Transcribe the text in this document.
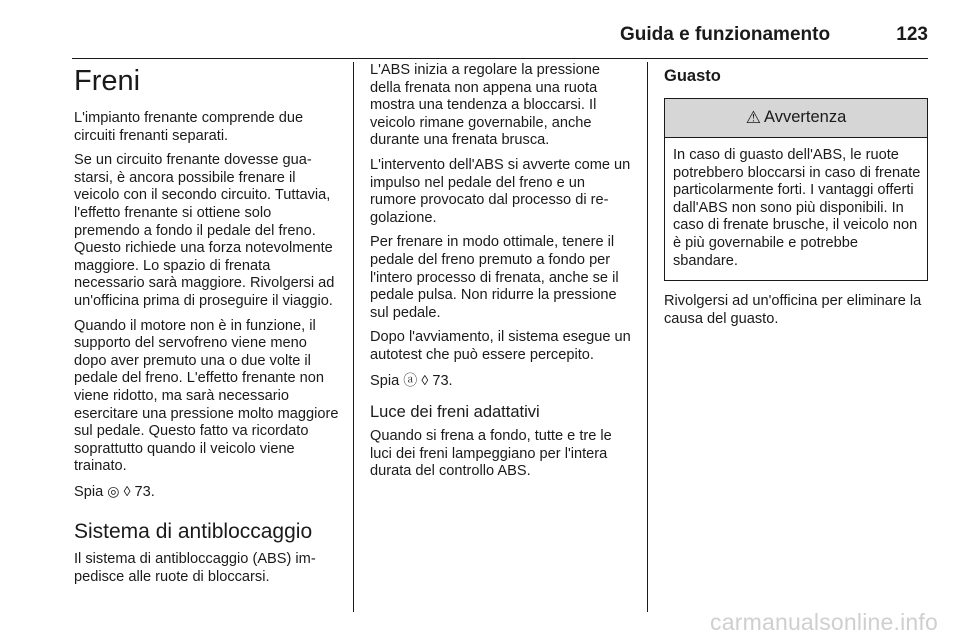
Guida e funzionamento	123
Freni

L'impianto frenante comprende due circuiti frenanti separati.

Se un circuito frenante dovesse guastarsi, è ancora possibile frenare il veicolo con il secondo circuito. Tuttavia, l'effetto frenante si ottiene solo premendo a fondo il pedale del freno. Questo richiede una forza notevolmente maggiore. Lo spazio di frenata necessario sarà maggiore. Rivolgersi ad un'officina prima di proseguire il viaggio.

Quando il motore non è in funzione, il supporto del servofreno viene meno dopo aver premuto una o due volte il pedale del freno. L'effetto frenante non viene ridotto, ma sarà necessario esercitare una pressione molto maggiore sul pedale. Questo fatto va ricordato soprattutto quando il veicolo viene trainato.

Spia ◎ ◊ 73.

Sistema di antibloccaggio

Il sistema di antibloccaggio (ABS) impedisce alle ruote di bloccarsi.

L'ABS inizia a regolare la pressione della frenata non appena una ruota mostra una tendenza a bloccarsi. Il veicolo rimane governabile, anche durante una frenata brusca.

L'intervento dell'ABS si avverte come un impulso nel pedale del freno e un rumore provocato dal processo di regolazione.

Per frenare in modo ottimale, tenere il pedale del freno premuto a fondo per l'intero processo di frenata, anche se il pedale pulsa. Non ridurre la pressione sul pedale.

Dopo l'avviamento, il sistema esegue un autotest che può essere percepito.

Spia ⓐ ◊ 73.

Luce dei freni adattativi

Quando si frena a fondo, tutte e tre le luci dei freni lampeggiano per l'intera durata del controllo ABS.

Guasto
⚠ Avvertenza
In caso di guasto dell'ABS, le ruote potrebbero bloccarsi in caso di frenate particolarmente forti. I vantaggi offerti dall'ABS non sono più disponibili. In caso di frenate brusche, il veicolo non è più governabile e potrebbe sbandare.

Rivolgersi ad un'officina per eliminare la causa del guasto.

carmanualsonline.info
